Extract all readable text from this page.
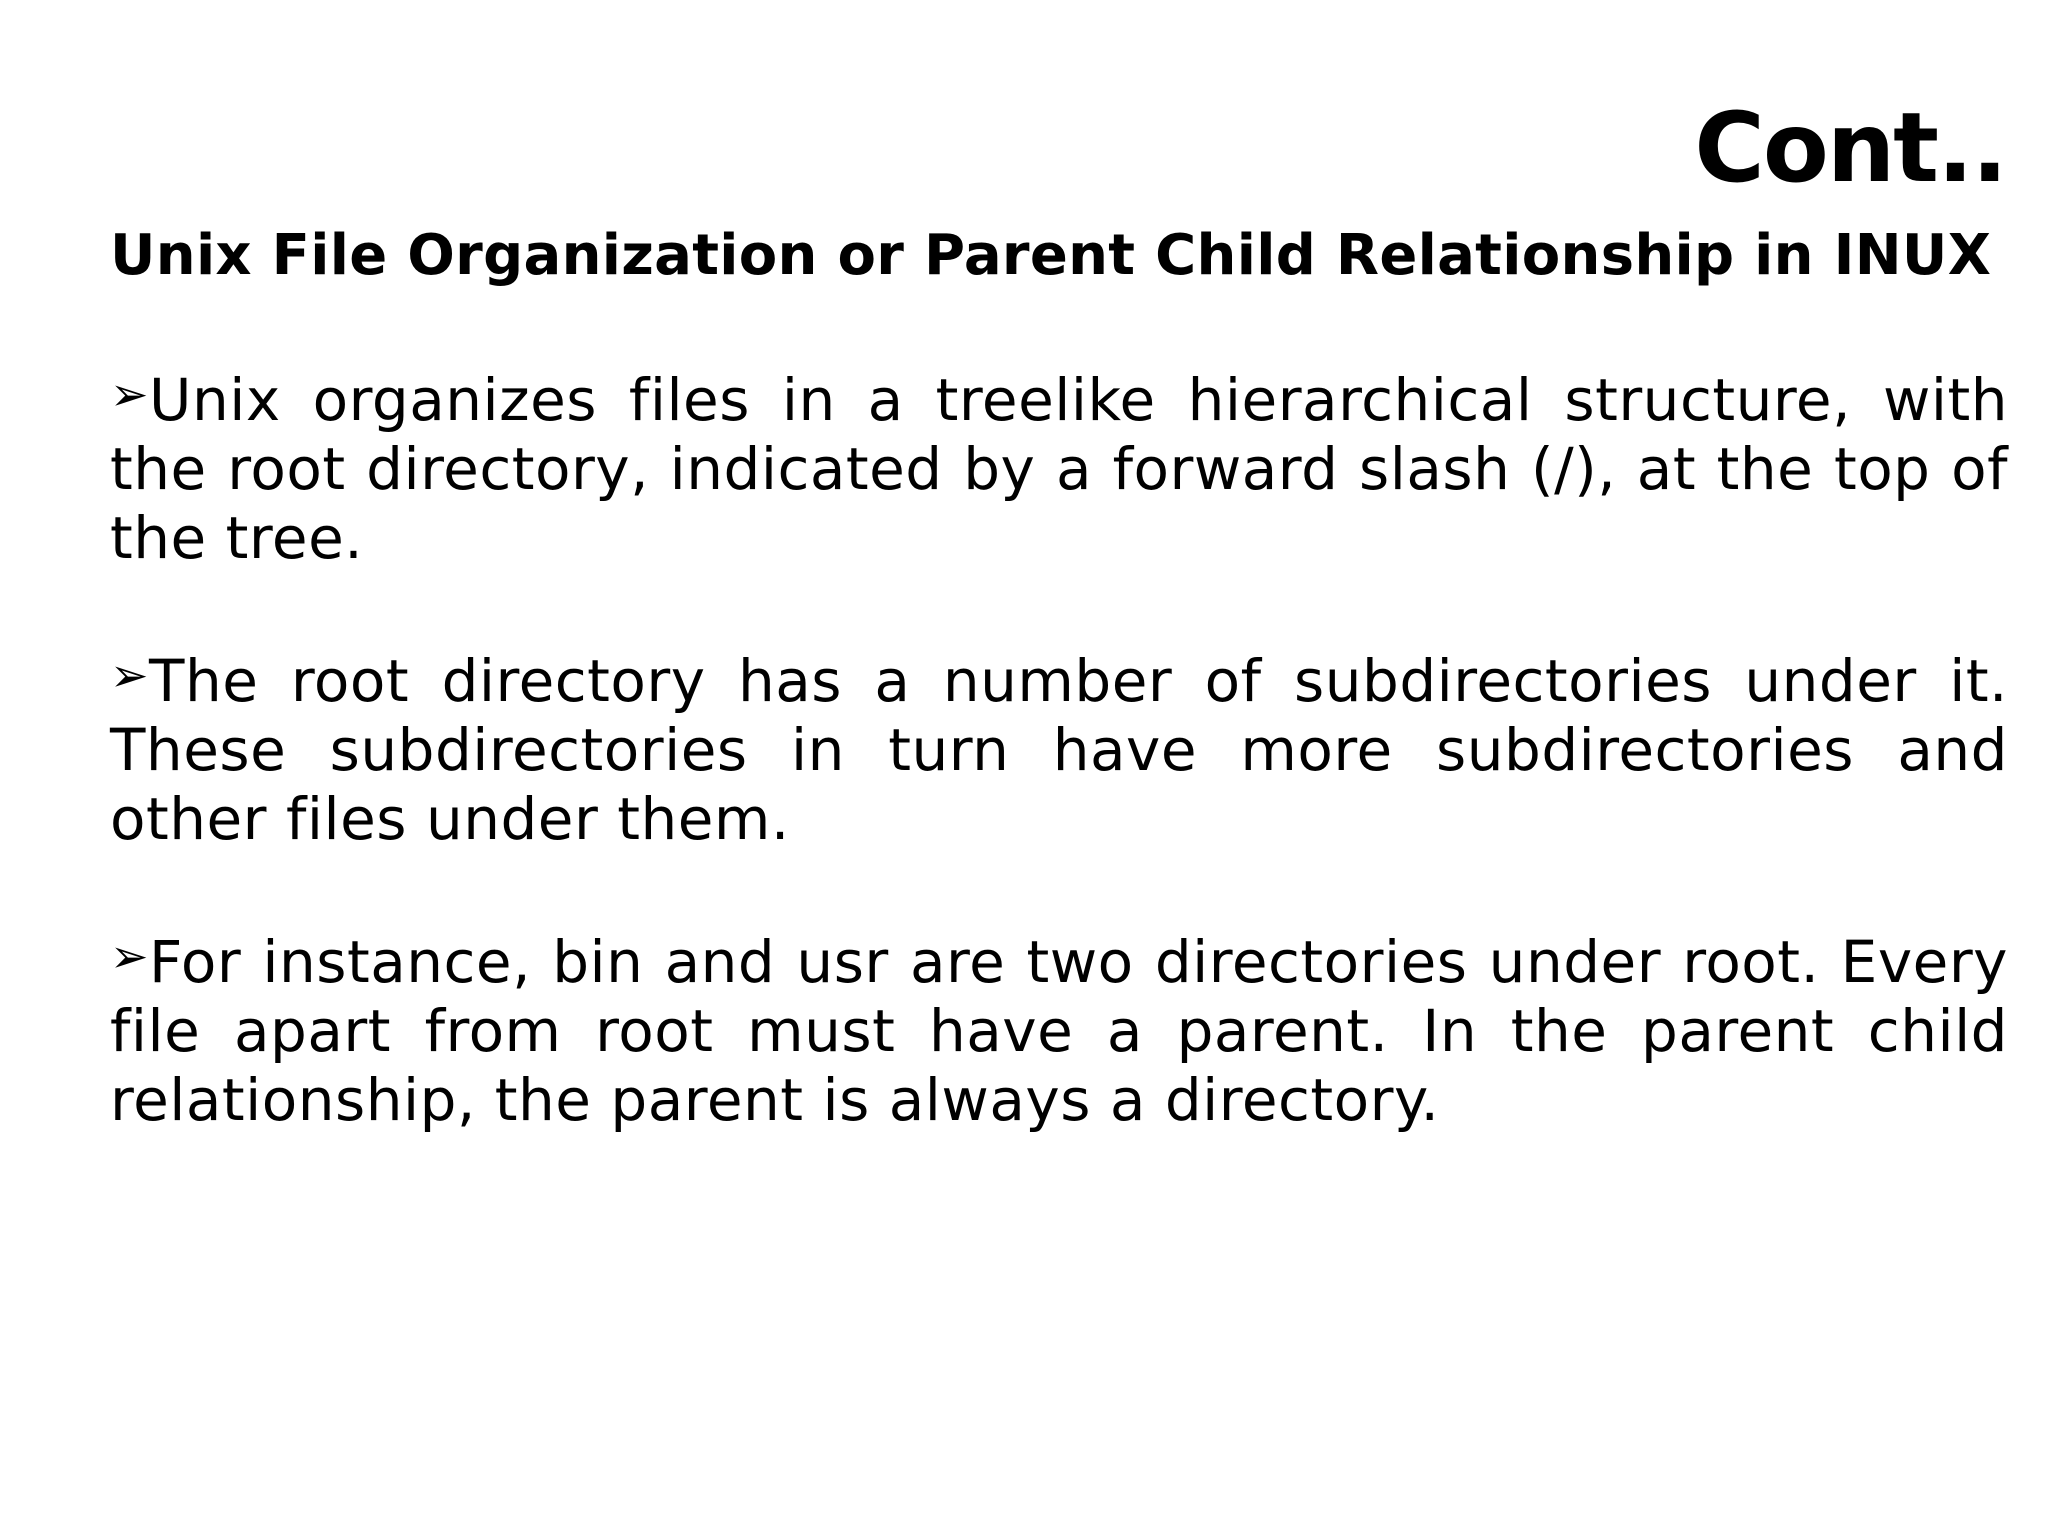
Cont..

Unix File Organization or Parent Child Relationship in INUX

➢Unix organizes files in a treelike hierarchical structure, with the root directory, indicated by a forward slash (/), at the top of the tree.

➢The root directory has a number of subdirectories under it. These subdirectories in turn have more subdirectories and other files under them.

➢For instance, bin and usr are two directories under root. Every file apart from root must have a parent. In the parent child relationship, the parent is always a directory.
